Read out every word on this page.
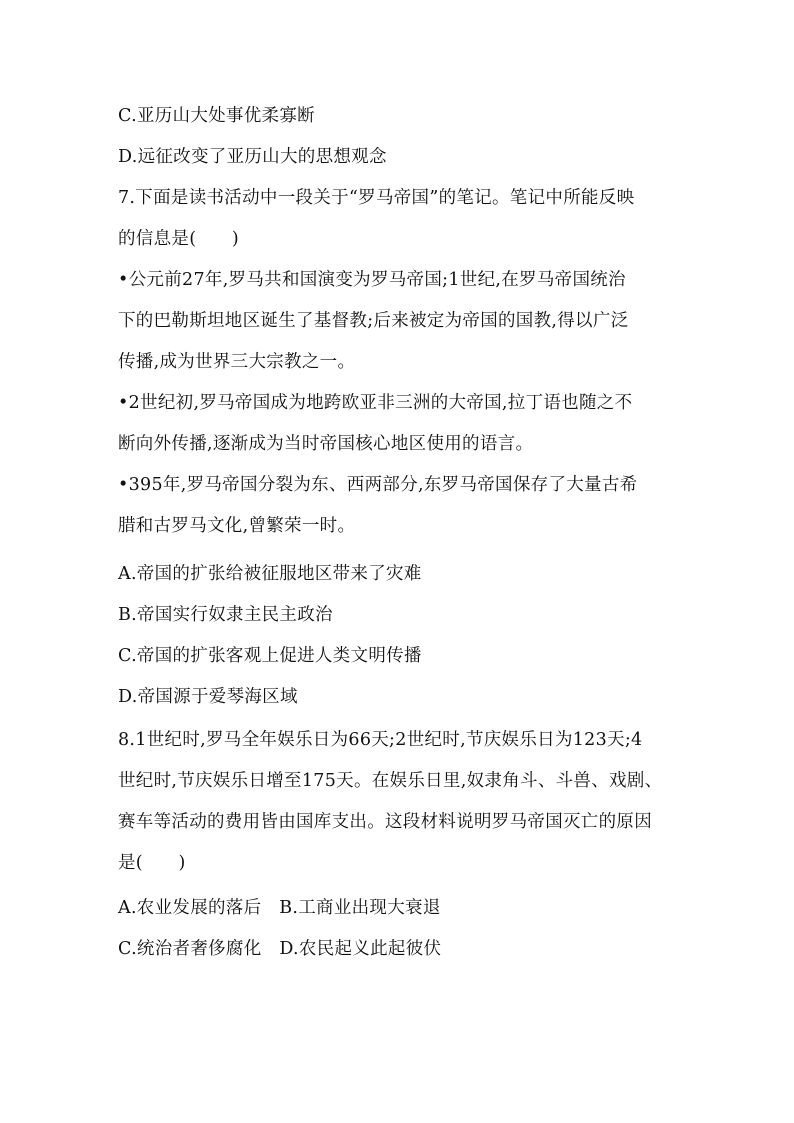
C.亚历山大处事优柔寡断
D.远征改变了亚历山大的思想观念
7.下面是读书活动中一段关于“罗马帝国”的笔记。笔记中所能反映
的信息是(　　)
•公元前27年,罗马共和国演变为罗马帝国;1世纪,在罗马帝国统治
下的巴勒斯坦地区诞生了基督教;后来被定为帝国的国教,得以广泛
传播,成为世界三大宗教之一。
•2世纪初,罗马帝国成为地跨欧亚非三洲的大帝国,拉丁语也随之不
断向外传播,逐渐成为当时帝国核心地区使用的语言。
•395年,罗马帝国分裂为东、西两部分,东罗马帝国保存了大量古希
腊和古罗马文化,曾繁荣一时。
A.帝国的扩张给被征服地区带来了灾难
B.帝国实行奴隶主民主政治
C.帝国的扩张客观上促进人类文明传播
D.帝国源于爱琴海区域
8.1世纪时,罗马全年娱乐日为66天;2世纪时,节庆娱乐日为123天;4
世纪时,节庆娱乐日增至175天。在娱乐日里,奴隶角斗、斗兽、戏剧、
赛车等活动的费用皆由国库支出。这段材料说明罗马帝国灭亡的原因
是(　　)
A.农业发展的落后　B.工商业出现大衰退
C.统治者奢侈腐化　D.农民起义此起彼伏
